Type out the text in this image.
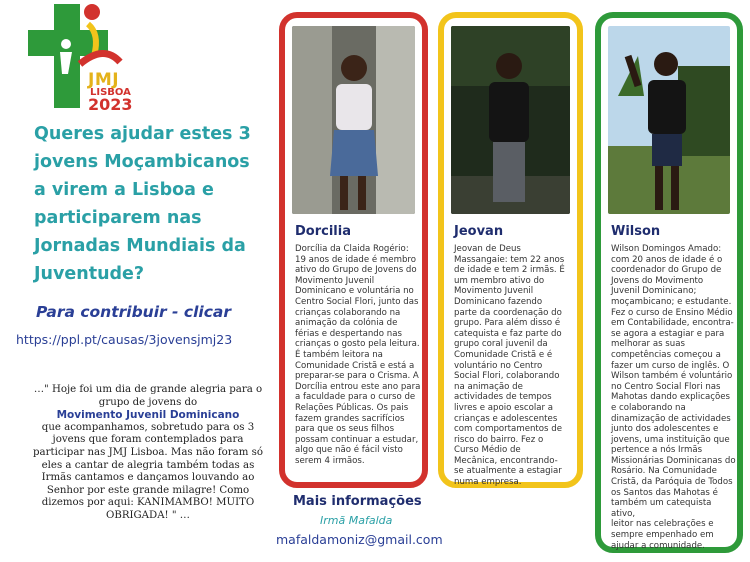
JMJ
LISBOA
2023
Queres ajudar estes 3 jovens Moçambicanos a virem a Lisboa e participarem nas Jornadas Mundiais da Juventude?
Para contribuir - clicar
https://ppl.pt/causas/3jovensjmj23
…" Hoje foi um dia de grande alegria para o grupo de jovens do
Movimento Juvenil Dominicano
que acompanhamos, sobretudo para os 3 jovens que foram contemplados para participar nas JMJ Lisboa. Mas não foram só eles a cantar de alegria também todas as Irmãs cantamos e dançamos louvando ao Senhor por este grande milagre! Como dizemos por aqui: KANIMAMBO! MUITO OBRIGADA! " …
Dorcilia

Dorcília da Claida Rogério:
19 anos de idade é membro
ativo do Grupo de Jovens do
Movimento Juvenil
Dominicano e voluntária no
Centro Social Flori, junto das
crianças colaborando na
animação da colónia de
férias e despertando nas
crianças o gosto pela leitura.
É também leitora na
Comunidade Cristã e está a
preparar-se para o Crisma. A
Dorcília entrou este ano para
a faculdade para o curso de
Relações Públicas. Os pais
fazem grandes sacrifícios
para que os seus filhos
possam continuar a estudar,
algo que não é fácil visto
serem 4 irmãos.

Jeovan

Jeovan de Deus
Massangaie: tem 22 anos
de idade e tem 2 irmãs. É
um membro ativo do
Movimento Juvenil
Dominicano fazendo
parte da coordenação do
grupo. Para além disso é
catequista e faz parte do
grupo coral juvenil da
Comunidade Cristã e é
voluntário no Centro
Social Flori, colaborando
na animação de
actividades de tempos
livres e apoio escolar a
crianças e adolescentes
com comportamentos de
risco do bairro. Fez o
Curso Médio de
Mecânica, encontrando-
se atualmente a estagiar
numa empresa.

Wilson

Wilson Domingos Amado:
com 20 anos de idade é o
coordenador do Grupo de
Jovens do Movimento
Juvenil Dominicano;
moçambicano; e estudante.
Fez o curso de Ensino Médio
em Contabilidade, encontra-
se agora a estagiar e para
melhorar as suas
competências começou a
fazer um curso de inglês. O
Wilson também é voluntário
no Centro Social Flori nas
Mahotas dando explicações
e colaborando na
dinamização de actividades
junto dos adolescentes e
jovens, uma instituição que
pertence a nós Irmãs
Missionárias Dominicanas do
Rosário. Na Comunidade
Cristã, da Paróquia de Todos
os Santos das Mahotas é
também um catequista ativo,
leitor nas celebrações e
sempre empenhado em
ajudar a comunidade.

Mais informações
Irmã Mafalda
mafaldamoniz@gmail.com
